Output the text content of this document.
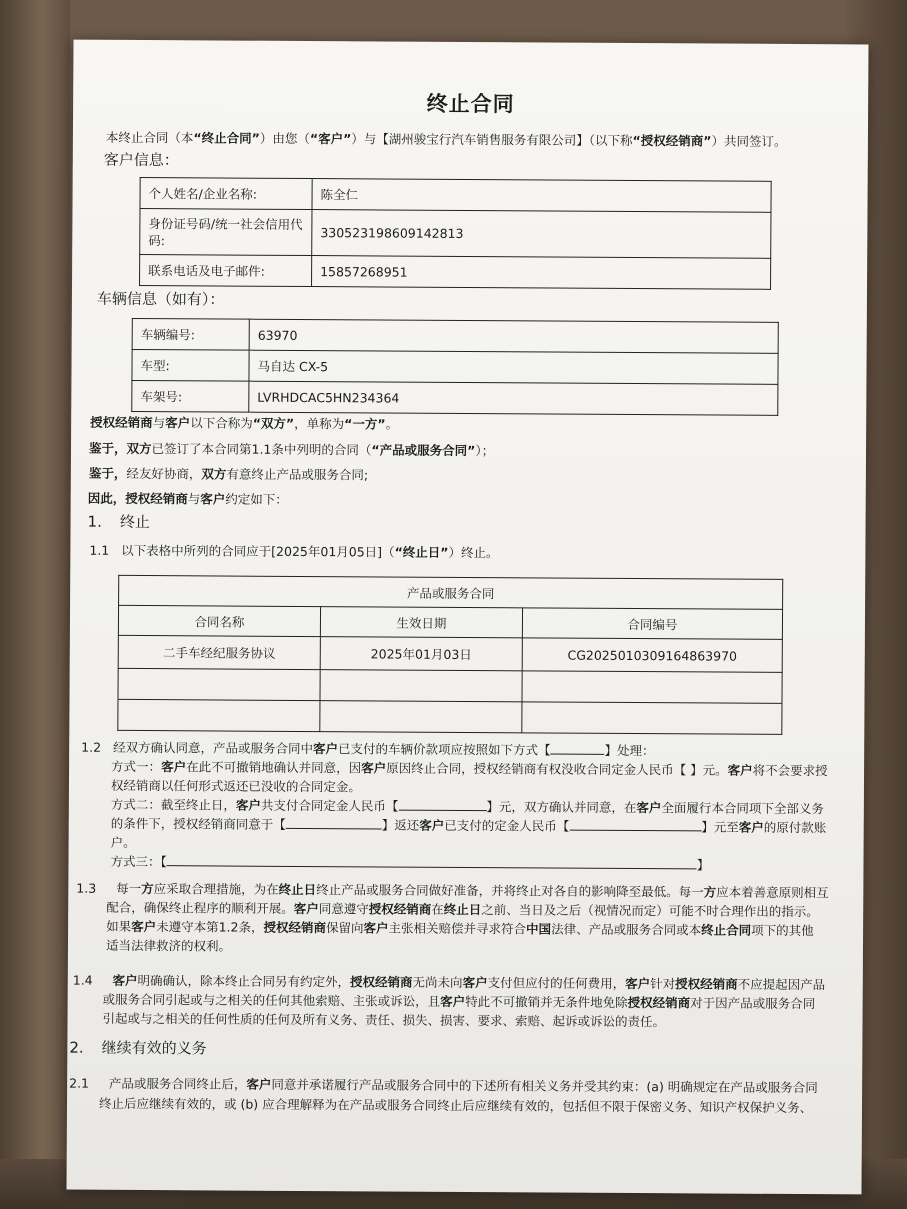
终止合同
本终止合同（本“终止合同”）由您（“客户”）与【湖州骏宝行汽车销售服务有限公司】（以下称“授权经销商”）共同签订。
客户信息：
个人姓名/企业名称:	陈全仁
身份证号码/统一社会信用代码:	330523198609142813
联系电话及电子邮件:	15857268951
车辆信息（如有）：
车辆编号:	63970
车型:	马自达 CX-5
车架号:	LVRHDCAC5HN234364
授权经销商与客户以下合称为“双方”，单称为“一方”。
鉴于，双方已签订了本合同第1.1条中列明的合同（“产品或服务合同”）；
鉴于，经友好协商，双方有意终止产品或服务合同;
因此，授权经销商与客户约定如下：
1. 终止
1.1 以下表格中所列的合同应于[2025年01月05日]（“终止日”）终止。
产品或服务合同		
合同名称	生效日期	合同编号
二手车经纪服务协议	2025年01月03日	CG20250103091648639​70

1.2 经双方确认同意，产品或服务合同中客户已支付的车辆价款项应按照如下方式【	】处理：
方式一：客户在此不可撤销地确认并同意，因客户原因终止合同，授权经销商有权没收合同定金人民币【 】元。客户将不会要求授
权经销商以任何形式返还已没收的合同定金。
方式二：截至终止日，客户共支付合同定金人民币【	】元，双方确认并同意，在客户全面履行本合同项下全部义务
的条件下，授权经销商同意于【	】返还客户已支付的定金人民币【	】元至客户的原付款账
户。
方式三：【	】
1.3 每一方应采取合理措施，为在终止日终止产品或服务合同做好准备，并将终止对各自的影响降至最低。每一方应本着善意原则相互
配合，确保终止程序的顺利开展。客户同意遵守授权经销商在终止日之前、当日及之后（视情况而定）可能不时合理作出的指示。
如果客户未遵守本第1.2条，授权经销商保留向客户主张相关赔偿并寻求符合中国法律、产品或服务合同或本终止合同项下的其他
适当法律救济的权利。
1.4 客户明确确认，除本终止合同另有约定外，授权经销商无尚未向客户支付但应付的任何费用，客户针对授权经销商不应提起因产品
或服务合同引起或与之相关的任何其他索赔、主张或诉讼，且客户特此不可撤销并无条件地免除授权经销商对于因产品或服务合同
引起或与之相关的任何性质的任何及所有义务、责任、损失、损害、要求、索赔、起诉或诉讼的责任。
2. 继续有效的义务
2.1 产品或服务合同终止后，客户同意并承诺履行产品或服务合同中的下述所有相关义务并受其约束：(a) 明确规定在产品或服务合同
终止后应继续有效的，或 (b) 应合理解释为在产品或服务合同终止后应继续有效的，包括但不限于保密义务、知识产权保护义务、
